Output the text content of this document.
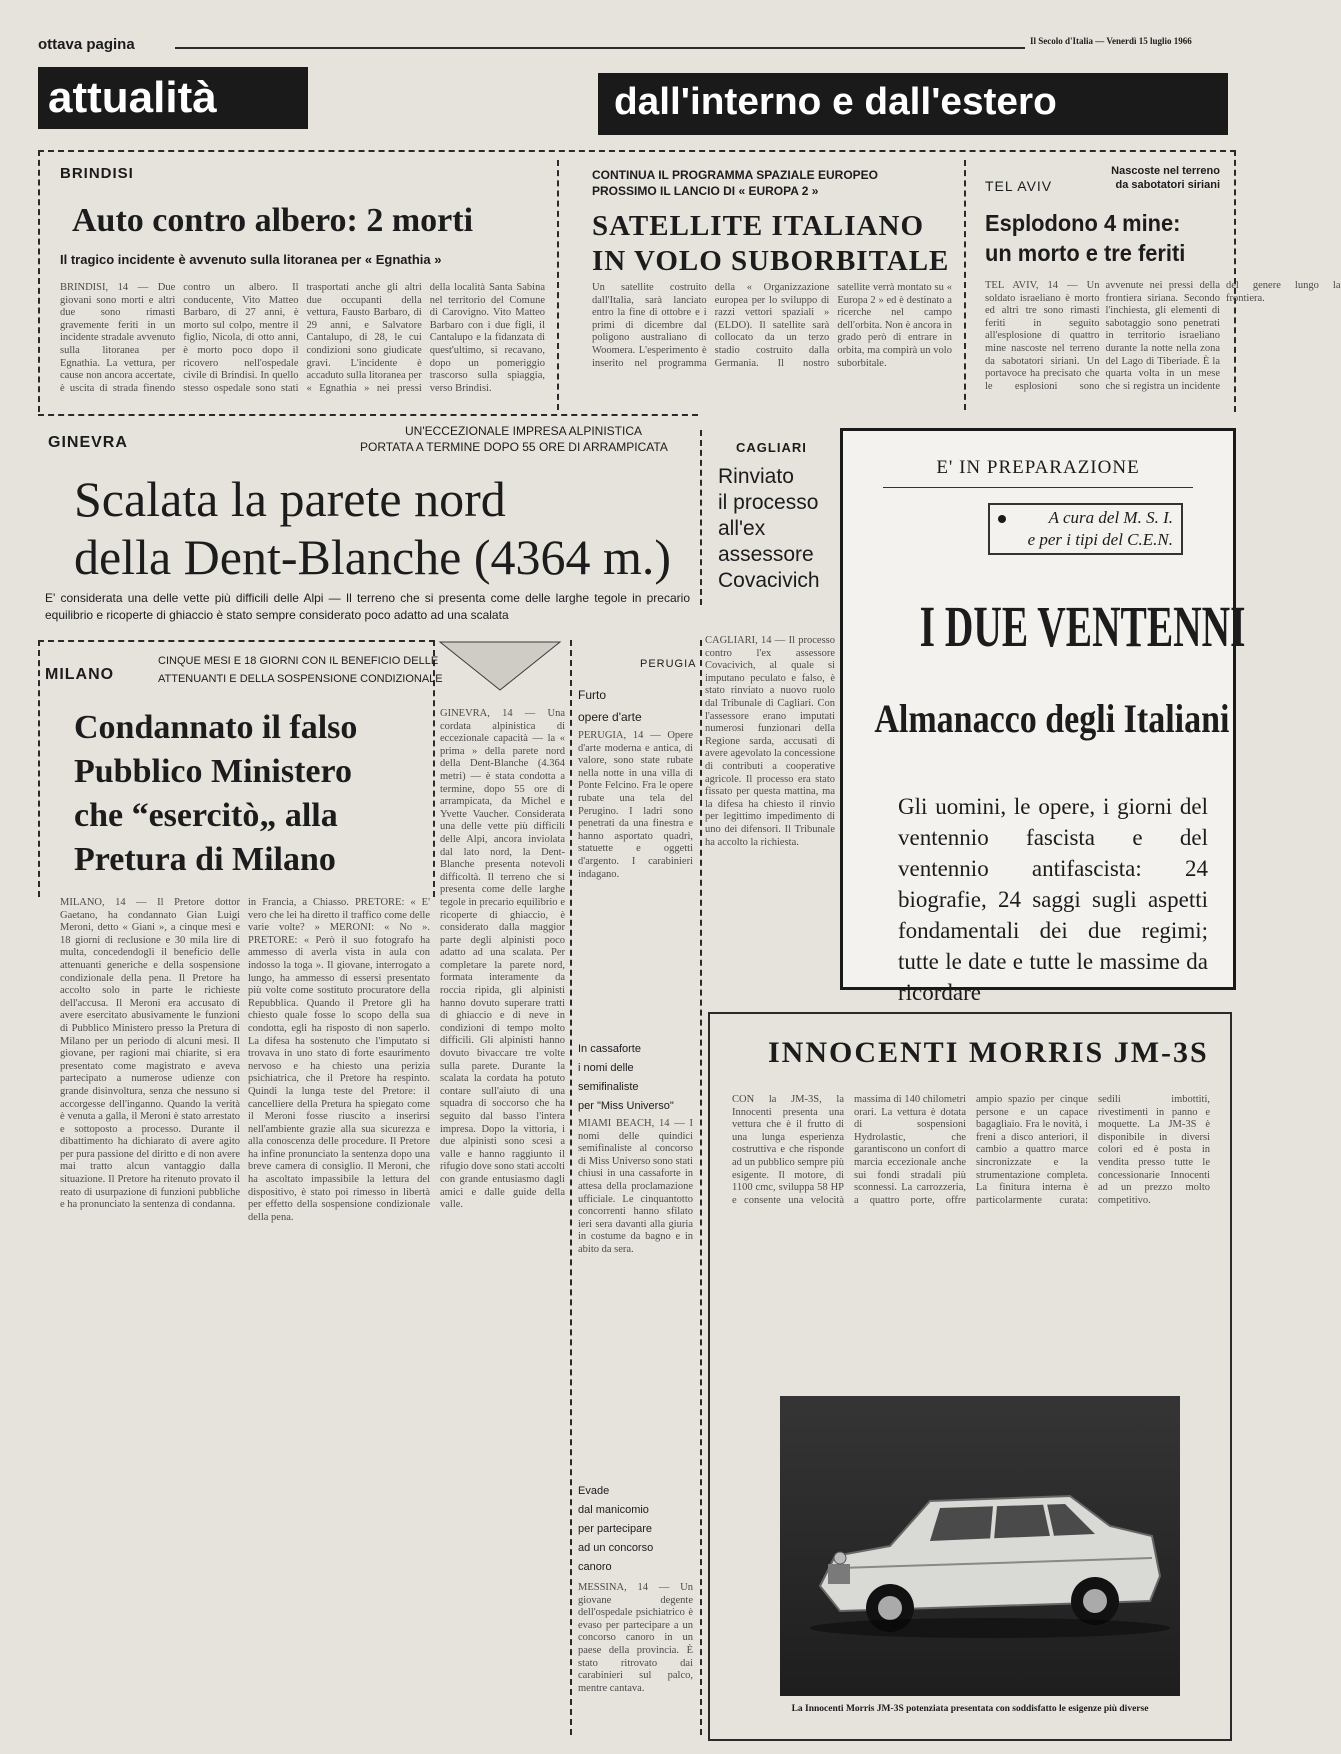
ottava pagina	Il Secolo d'Italia — Venerdì 15 luglio 1966
attualità	dall'interno e dall'estero
BRINDISI
Auto contro albero: 2 morti
Il tragico incidente è avvenuto sulla litoranea per « Egnathia »

BRINDISI, 14 — Due giovani sono morti e altri due sono rimasti gravemente feriti in un incidente stradale avvenuto sulla litoranea per Egnathia. La vettura, per cause non ancora accertate, è uscita di strada finendo contro un albero. Il conducente, Vito Matteo Barbaro, di 27 anni, è morto sul colpo, mentre il figlio, Nicola, di otto anni, è morto poco dopo il ricovero nell'ospedale civile di Brindisi. In quello stesso ospedale sono stati trasportati anche gli altri due occupanti della vettura, Fausto Barbaro, di 29 anni, e Salvatore Cantalupo, di 28, le cui condizioni sono giudicate gravi. L'incidente è accaduto sulla litoranea per « Egnathia » nei pressi della località Santa Sabina nel territorio del Comune di Carovigno. Vito Matteo Barbaro con i due figli, il Cantalupo e la fidanzata di quest'ultimo, si recavano, dopo un pomeriggio trascorso sulla spiaggia, verso Brindisi.

CONTINUA IL PROGRAMMA SPAZIALE EUROPEO
PROSSIMO IL LANCIO DI « EUROPA 2 »
SATELLITE ITALIANO
IN VOLO SUBORBITALE

Un satellite costruito dall'Italia, sarà lanciato entro la fine di ottobre e i primi di dicembre dal poligono australiano di Woomera. L'esperimento è inserito nel programma della « Organizzazione europea per lo sviluppo di razzi vettori spaziali » (ELDO). Il satellite sarà collocato da un terzo stadio costruito dalla Germania. Il nostro satellite verrà montato su « Europa 2 » ed è destinato a ricerche nel campo dell'orbita. Non è ancora in grado però di entrare in orbita, ma compirà un volo suborbitale.

TEL AVIV
Nascoste nel terreno da sabotatori siriani
Esplodono 4 mine:
un morto e tre feriti

TEL AVIV, 14 — Un soldato israeliano è morto ed altri tre sono rimasti feriti in seguito all'esplosione di quattro mine nascoste nel terreno da sabotatori siriani. Un portavoce ha precisato che le esplosioni sono avvenute nei pressi della frontiera siriana. Secondo l'inchiesta, gli elementi di sabotaggio sono penetrati in territorio israeliano durante la notte nella zona del Lago di Tiberiade. È la quarta volta in un mese che si registra un incidente del genere lungo la frontiera.

GINEVRA
UN'ECCEZIONALE IMPRESA ALPINISTICA
PORTATA A TERMINE DOPO 55 ORE DI ARRAMPICATA
Scalata la parete nord
della Dent-Blanche (4364 m.)
E' considerata una delle vette più difficili delle Alpi — Il terreno che si presenta come delle larghe tegole in precario equilibrio e ricoperte di ghiaccio è stato sempre considerato poco adatto ad una scalata
CAGLIARI
Rinviato
il processo
all'ex
assessore
Covacivich

CAGLIARI, 14 — Il processo contro l'ex assessore Covacivich, al quale si imputano peculato e falso, è stato rinviato a nuovo ruolo dal Tribunale di Cagliari. Con l'assessore erano imputati numerosi funzionari della Regione sarda, accusati di avere agevolato la concessione di contributi a cooperative agricole. Il processo era stato fissato per questa mattina, ma la difesa ha chiesto il rinvio per legittimo impedimento di uno dei difensori. Il Tribunale ha accolto la richiesta.

E' IN PREPARAZIONE
A cura del M. S. I.
e per i tipi del C.E.N.
I DUE VENTENNI
Almanacco degli Italiani
Gli uomini, le opere, i giorni del ventennio fascista e del ventennio antifascista: 24 biografie, 24 saggi sugli aspetti fondamentali dei due regimi; tutte le date e tutte le massime da ricordare
MILANO
CINQUE MESI E 18 GIORNI CON IL BENEFICIO DELLE
ATTENUANTI E DELLA SOSPENSIONE CONDIZIONALE
Condannato il falso
Pubblico Ministero
che “esercitò„ alla
Pretura di Milano

MILANO, 14 — Il Pretore dottor Gaetano, ha condannato Gian Luigi Meroni, detto « Giani », a cinque mesi e 18 giorni di reclusione e 30 mila lire di multa, concedendogli il beneficio delle attenuanti generiche e della sospensione condizionale della pena. Il Pretore ha accolto solo in parte le richieste dell'accusa. Il Meroni era accusato di avere esercitato abusivamente le funzioni di Pubblico Ministero presso la Pretura di Milano per un periodo di alcuni mesi. Il giovane, per ragioni mai chiarite, si era presentato come magistrato e aveva partecipato a numerose udienze con grande disinvoltura, senza che nessuno si accorgesse dell'inganno. Quando la verità è venuta a galla, il Meroni è stato arrestato e sottoposto a processo. Durante il dibattimento ha dichiarato di avere agito per pura passione del diritto e di non avere mai tratto alcun vantaggio dalla situazione. Il Pretore ha ritenuto provato il reato di usurpazione di funzioni pubbliche e ha pronunciato la sentenza di condanna.

in Francia, a Chiasso. PRETORE: « E' vero che lei ha diretto il traffico come delle varie volte? » MERONI: « No ». PRETORE: « Però il suo fotografo ha ammesso di averla vista in aula con indosso la toga ». Il giovane, interrogato a lungo, ha ammesso di essersi presentato più volte come sostituto procuratore della Repubblica. Quando il Pretore gli ha chiesto quale fosse lo scopo della sua condotta, egli ha risposto di non saperlo. La difesa ha sostenuto che l'imputato si trovava in uno stato di forte esaurimento nervoso e ha chiesto una perizia psichiatrica, che il Pretore ha respinto. Quindi la lunga teste del Pretore: il cancelliere della Pretura ha spiegato come il Meroni fosse riuscito a inserirsi nell'ambiente grazie alla sua sicurezza e alla conoscenza delle procedure. Il Pretore ha infine pronunciato la sentenza dopo una breve camera di consiglio. Il Meroni, che ha ascoltato impassibile la lettura del dispositivo, è stato poi rimesso in libertà per effetto della sospensione condizionale della pena.

GINEVRA, 14 — Una cordata alpinistica di eccezionale capacità — la « prima » della parete nord della Dent-Blanche (4.364 metri) — è stata condotta a termine, dopo 55 ore di arrampicata, da Michel e Yvette Vaucher. Considerata una delle vette più difficili delle Alpi, ancora inviolata dal lato nord, la Dent-Blanche presenta notevoli difficoltà. Il terreno che si presenta come delle larghe tegole in precario equilibrio e ricoperte di ghiaccio, è considerato dalla maggior parte degli alpinisti poco adatto ad una scalata. Per completare la parete nord, formata interamente da roccia ripida, gli alpinisti hanno dovuto superare tratti di ghiaccio e di neve in condizioni di tempo molto difficili. Gli alpinisti hanno dovuto bivaccare tre volte sulla parete. Durante la scalata la cordata ha potuto contare sull'aiuto di una squadra di soccorso che ha seguito dal basso l'intera impresa. Dopo la vittoria, i due alpinisti sono scesi a valle e hanno raggiunto il rifugio dove sono stati accolti con grande entusiasmo dagli amici e dalle guide della valle.

PERUGIA
Furto
opere d'arte

PERUGIA, 14 — Opere d'arte moderna e antica, di valore, sono state rubate nella notte in una villa di Ponte Felcino. Fra le opere rubate una tela del Perugino. I ladri sono penetrati da una finestra e hanno asportato quadri, statuette e oggetti d'argento. I carabinieri indagano.

In cassaforte
i nomi delle
semifinaliste
per "Miss Universo"

MIAMI BEACH, 14 — I nomi delle quindici semifinaliste al concorso di Miss Universo sono stati chiusi in una cassaforte in attesa della proclamazione ufficiale. Le cinquantotto concorrenti hanno sfilato ieri sera davanti alla giuria in costume da bagno e in abito da sera.

Evade
dal manicomio
per partecipare
ad un concorso
canoro

MESSINA, 14 — Un giovane degente dell'ospedale psichiatrico è evaso per partecipare a un concorso canoro in un paese della provincia. È stato ritrovato dai carabinieri sul palco, mentre cantava.

INNOCENTI MORRIS JM-3S

CON la JM-3S, la Innocenti presenta una vettura che è il frutto di una lunga esperienza costruttiva e che risponde ad un pubblico sempre più esigente. Il motore, di 1100 cmc, sviluppa 58 HP e consente una velocità massima di 140 chilometri orari. La vettura è dotata di sospensioni Hydrolastic, che garantiscono un confort di marcia eccezionale anche sui fondi stradali più sconnessi. La carrozzeria, a quattro porte, offre ampio spazio per cinque persone e un capace bagagliaio. Fra le novità, i freni a disco anteriori, il cambio a quattro marce sincronizzate e la strumentazione completa. La finitura interna è particolarmente curata: sedili imbottiti, rivestimenti in panno e moquette. La JM-3S è disponibile in diversi colori ed è posta in vendita presso tutte le concessionarie Innocenti ad un prezzo molto competitivo.

La Innocenti Morris JM-3S potenziata presentata con soddisfatto le esigenze più diverse
